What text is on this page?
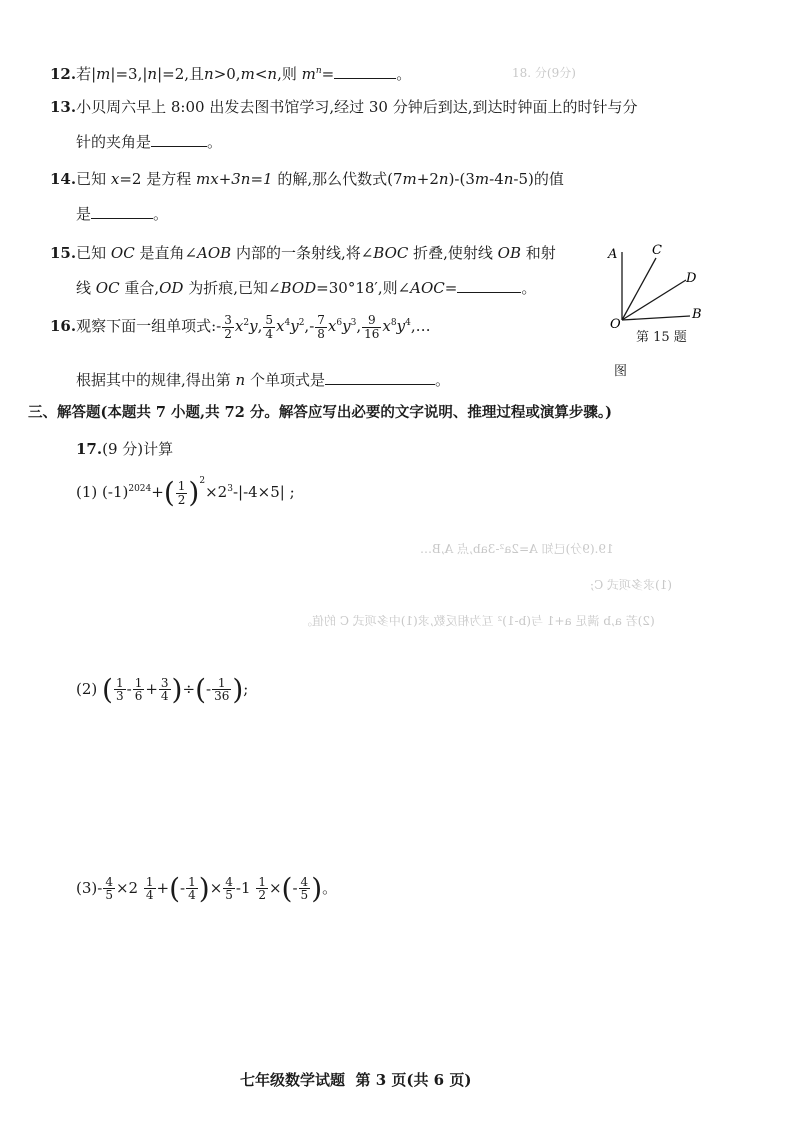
18. 分(9分)
19.(9分)已知 A=2a²-3ab,点 A,B…
(1)求多项式 C;
(2)若 a,b 满足 a+1 与(b-1)² 互为相反数,求(1)中多项式 C 的值。
12.若|m|=3,|n|=2,且n>0,m<n,则 $m^n=$	。
13.小贝周六早上 8:00 出发去图书馆学习,经过 30 分钟后到达,到达时钟面上的时针与分
针的夹角是	。
14.已知 x=2 是方程 mx+3n=1 的解,那么代数式(7m+2n)-(3m-4n-5)的值
是	。
15.已知 OC 是直角∠AOB 内部的一条射线,将∠BOC 折叠,使射线 OB 和射
线 OC 重合,OD 为折痕,已知∠BOD=30°18′,则∠AOC=	。
A	C
D
B
O
第 15 题
图
16.观察下面一组单项式:- $\frac{3}{2} x^2y$, $\frac{5}{4} x^4y^2,- \frac{7}{8} x^6y^3$, $\frac{9}{16}$ $x^8y^4,\dots$
根据其中的规律,得出第 n 个单项式是	。
三、解答题(本题共 7 小题,共 72 分。解答应写出必要的文字说明、推理过程或演算步骤。)
17.(9 分)计算
(1) $(-1)^{2024}+( \frac{1}{2} )^2\times 2^3-|-4\times 5|$ ;
(2) ( $\frac{1}{3} - \frac{1}{6} + \frac{3}{4}$ )÷(- $\frac{1}{36}$ );
$(3)- \frac{4}{5} \times 2 \frac{1}{4}$ +(- $\frac{1}{4}$ )× $\frac{4}{5} -1 \frac{1}{2}$ ×(- $\frac{4}{5}$ )。
七年级数学试题 第 3 页(共 6 页)
